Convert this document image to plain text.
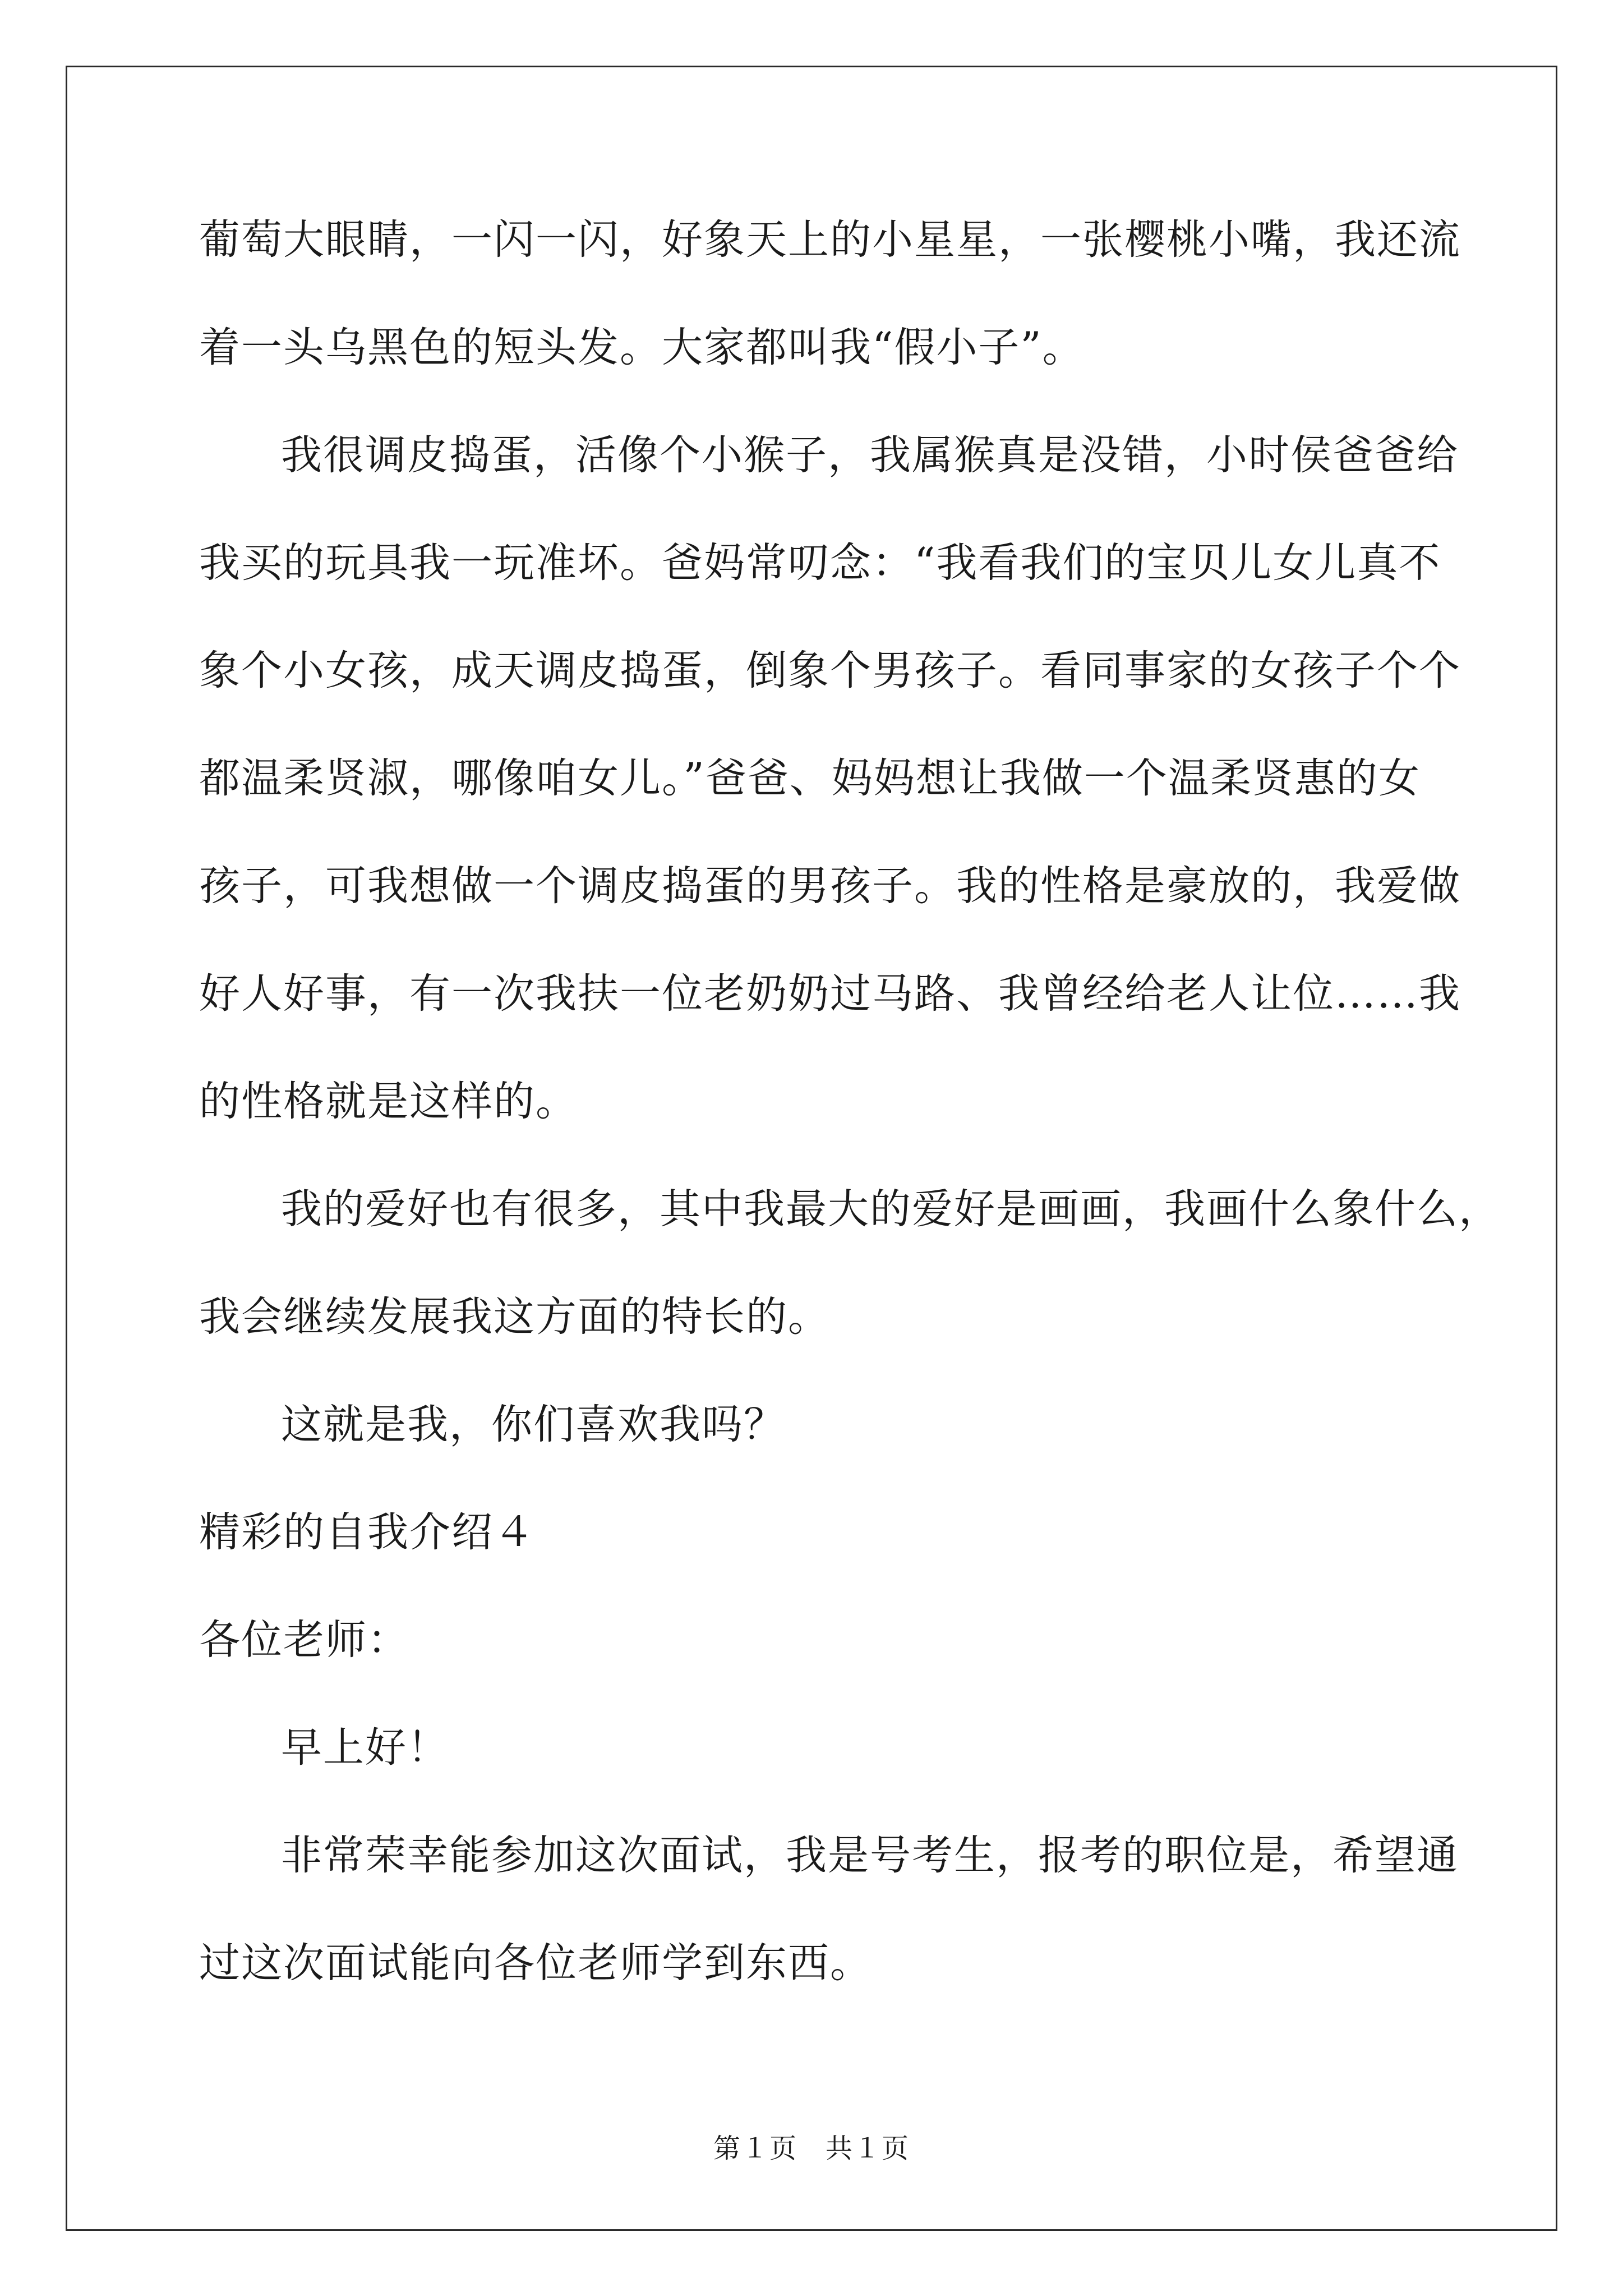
葡萄大眼睛，一闪一闪，好象天上的小星星，一张樱桃小嘴，我还流

着一头乌黑色的短头发。大家都叫我“假小子”。

我很调皮捣蛋，活像个小猴子，我属猴真是没错，小时侯爸爸给

我买的玩具我一玩准坏。爸妈常叨念：“我看我们的宝贝儿女儿真不

象个小女孩，成天调皮捣蛋，倒象个男孩子。看同事家的女孩子个个

都温柔贤淑，哪像咱女儿。”爸爸、妈妈想让我做一个温柔贤惠的女

孩子，可我想做一个调皮捣蛋的男孩子。我的性格是豪放的，我爱做

好人好事，有一次我扶一位老奶奶过马路、我曾经给老人让位……我

的性格就是这样的。

我的爱好也有很多，其中我最大的爱好是画画，我画什么象什么，

我会继续发展我这方面的特长的。

这就是我，你们喜欢我吗？

精彩的自我介绍４

各位老师：

早上好！

非常荣幸能参加这次面试，我是号考生，报考的职位是，希望通

过这次面试能向各位老师学到东西。

第１页　共１页
